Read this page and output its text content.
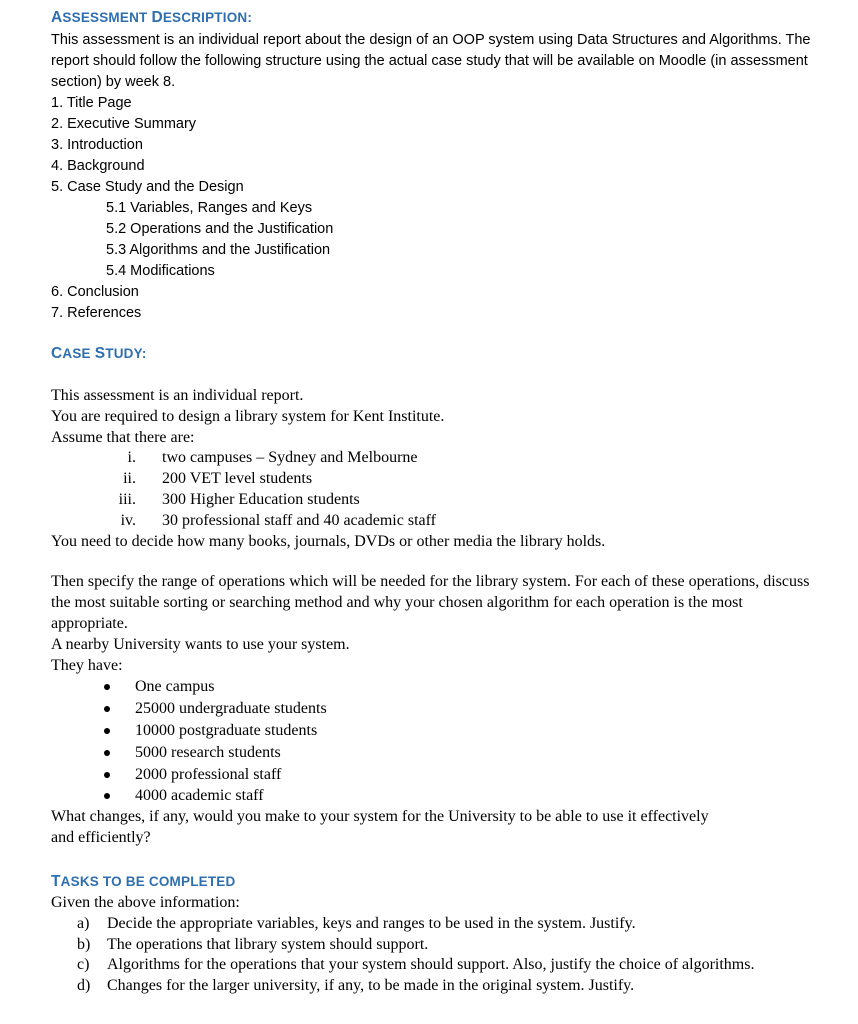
ASSESSMENT DESCRIPTION:

This assessment is an individual report about the design of an OOP system using Data Structures and Algorithms. The report should follow the following structure using the actual case study that will be available on Moodle (in assessment section) by week 8.

1. Title Page
2. Executive Summary
3. Introduction
4. Background
5. Case Study and the Design
5.1 Variables, Ranges and Keys
5.2 Operations and the Justification
5.3 Algorithms and the Justification
5.4 Modifications
6. Conclusion
7. References
CASE STUDY:
This assessment is an individual report.
You are required to design a library system for Kent Institute.
Assume that there are:
i. two campuses – Sydney and Melbourne
ii. 200 VET level students
iii. 300 Higher Education students
iv. 30 professional staff and 40 academic staff
You need to decide how many books, journals, DVDs or other media the library holds.

Then specify the range of operations which will be needed for the library system. For each of these operations, discuss the most suitable sorting or searching method and why your chosen algorithm for each operation is the most appropriate.

A nearby University wants to use your system.
They have:
One campus
25000 undergraduate students
10000 postgraduate students
5000 research students
2000 professional staff
4000 academic staff

What changes, if any, would you make to your system for the University to be able to use it effectively and efficiently?

TASKS TO BE COMPLETED
Given the above information:
a) Decide the appropriate variables, keys and ranges to be used in the system. Justify.
b) The operations that library system should support.
c) Algorithms for the operations that your system should support. Also, justify the choice of algorithms.
d) Changes for the larger university, if any, to be made in the original system. Justify.
